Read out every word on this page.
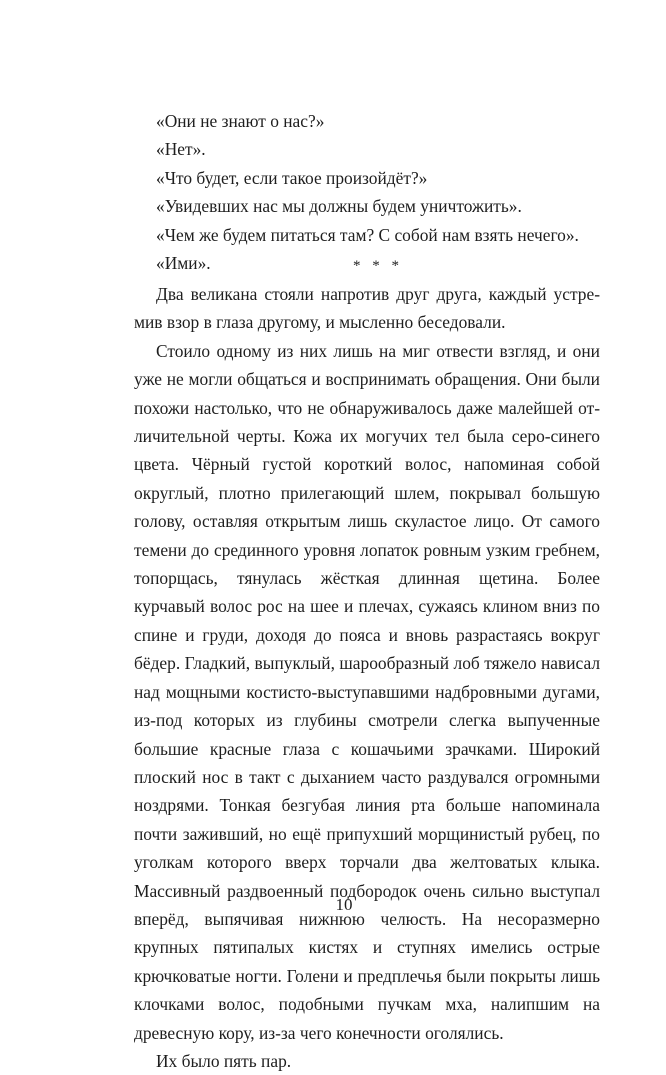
«Они не знают о нас?»
«Нет».
«Что будет, если такое произойдёт?»
«Увидевших нас мы должны будем уничтожить».
«Чем же будем питаться там? С собой нам взять нечего».
«Ими».	* * *

Два великана стояли напротив друг друга, каждый устремив взор в глаза другому, и мысленно беседовали.

Стоило одному из них лишь на миг отвести взгляд, и они уже не могли общаться и воспринимать обращения. Они были похожи настолько, что не обнаруживалось даже малейшей отличительной черты. Кожа их могучих тел была серо-синего цвета. Чёрный густой короткий волос, напоминая собой округлый, плотно прилегающий шлем, покрывал большую голову, оставляя открытым лишь скуластое лицо. От самого темени до срединного уровня лопаток ровным узким гребнем, топорщась, тянулась жёсткая длинная щетина. Более курчавый волос рос на шее и плечах, сужаясь клином вниз по спине и груди, доходя до пояса и вновь разрастаясь вокруг бёдер. Гладкий, выпуклый, шарообразный лоб тяжело нависал над мощными костисто-выступавшими надбровными дугами, из-под которых из глубины смотрели слегка выпученные большие красные глаза с кошачьими зрачками. Широкий плоский нос в такт с дыханием часто раздувался огромными ноздрями. Тонкая безгубая линия рта больше напоминала почти заживший, но ещё припухший морщинистый рубец, по уголкам которого вверх торчали два желтоватых клыка. Массивный раздвоенный подбородок очень сильно выступал вперёд, выпячивая нижнюю челюсть. На несоразмерно крупных пятипалых кистях и ступнях имелись острые крючковатые ногти. Голени и предплечья были покрыты лишь клочками волос, подобными пучкам мха, налипшим на древесную кору, из-за чего конечности оголялись.

Их было пять пар.

10
